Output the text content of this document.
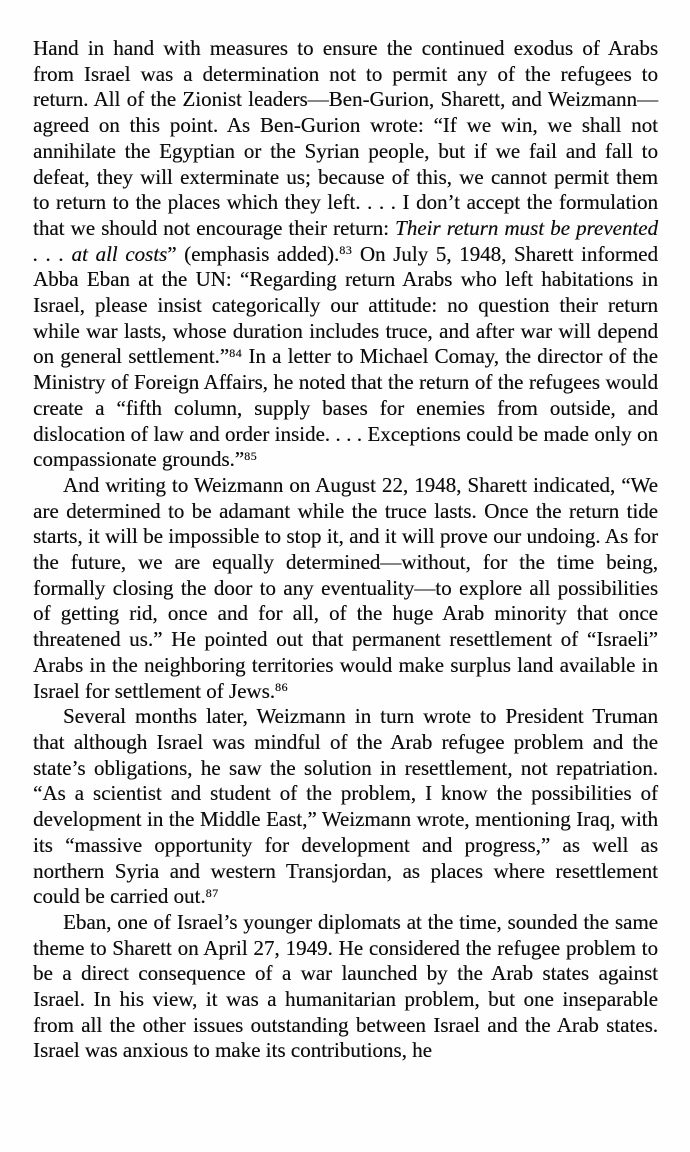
Hand in hand with measures to ensure the continued exodus of Arabs from Israel was a determination not to permit any of the refugees to return. All of the Zionist leaders—Ben-Gurion, Sharett, and Weizmann—agreed on this point. As Ben-Gurion wrote: “If we win, we shall not annihilate the Egyptian or the Syrian people, but if we fail and fall to defeat, they will exterminate us; because of this, we cannot permit them to return to the places which they left. . . . I don’t accept the formulation that we should not encourage their return: Their return must be prevented . . . at all costs” (emphasis added).$^{83}$ On July 5, 1948, Sharett informed Abba Eban at the UN: “Regarding return Arabs who left habitations in Israel, please insist categorically our attitude: no question their return while war lasts, whose duration includes truce, and after war will depend on general settlement.”$^{84}$ In a letter to Michael Comay, the director of the Ministry of Foreign Affairs, he noted that the return of the refugees would create a “fifth column, supply bases for enemies from outside, and dislocation of law and order inside. . . . Exceptions could be made only on compassionate grounds.”$^{85}$

And writing to Weizmann on August 22, 1948, Sharett indicated, “We are determined to be adamant while the truce lasts. Once the return tide starts, it will be impossible to stop it, and it will prove our undoing. As for the future, we are equally determined—without, for the time being, formally closing the door to any eventuality—to explore all possibilities of getting rid, once and for all, of the huge Arab minority that once threatened us.” He pointed out that permanent resettlement of “Israeli” Arabs in the neighboring territories would make surplus land available in Israel for settlement of Jews.$^{86}$

Several months later, Weizmann in turn wrote to President Truman that although Israel was mindful of the Arab refugee problem and the state’s obligations, he saw the solution in resettlement, not repatriation. “As a scientist and student of the problem, I know the possibilities of development in the Middle East,” Weizmann wrote, mentioning Iraq, with its “massive opportunity for development and progress,” as well as northern Syria and western Transjordan, as places where resettlement could be carried out.$^{87}$

Eban, one of Israel’s younger diplomats at the time, sounded the same theme to Sharett on April 27, 1949. He considered the refugee problem to be a direct consequence of a war launched by the Arab states against Israel. In his view, it was a humanitarian problem, but one inseparable from all the other issues outstanding between Israel and the Arab states. Israel was anxious to make its contributions, he
